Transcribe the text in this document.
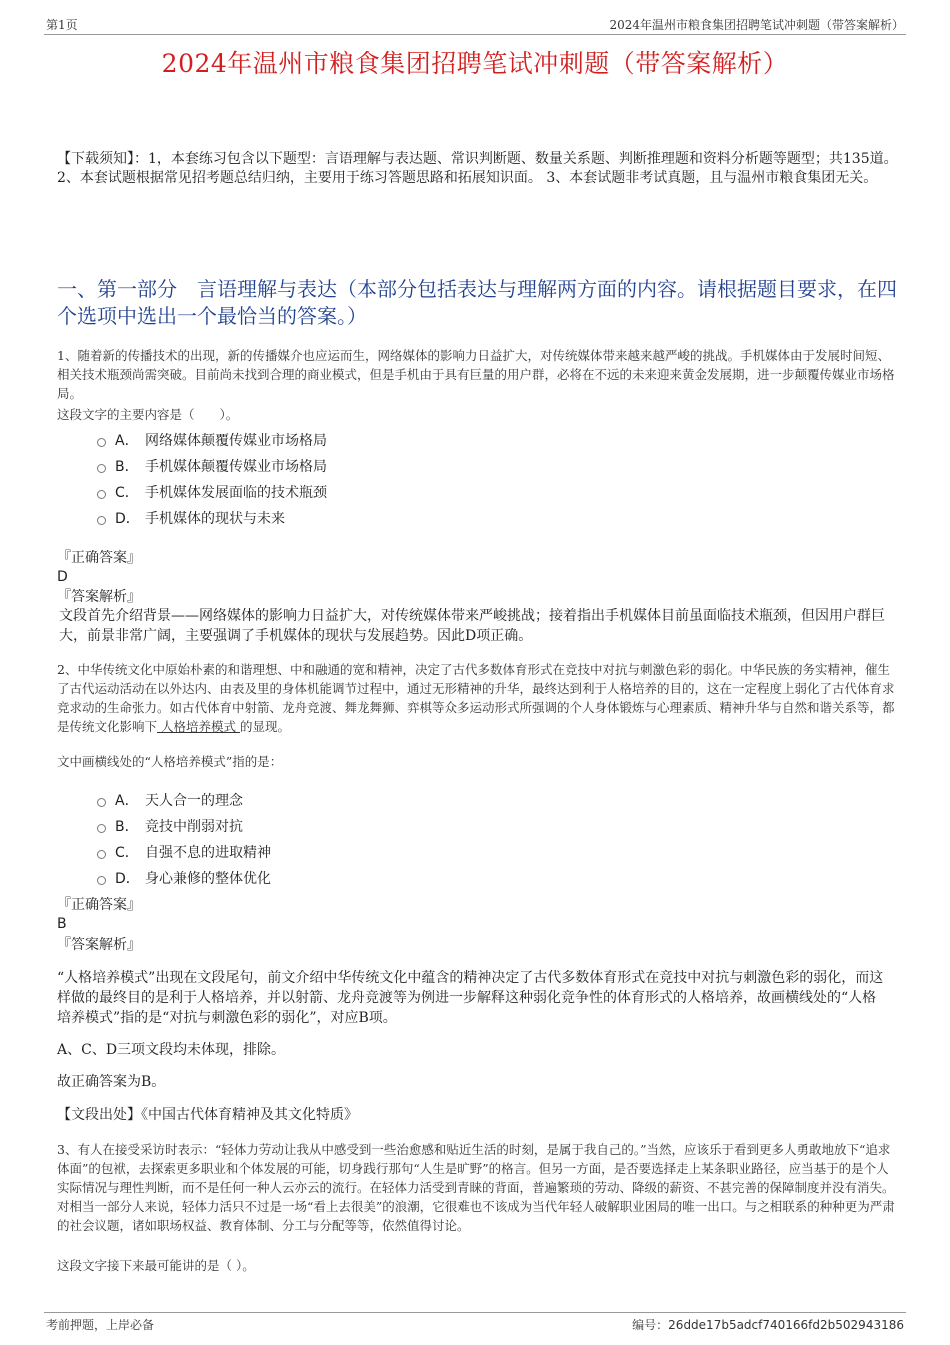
第1页	2024年温州市粮食集团招聘笔试冲刺题（带答案解析）
2024年温州市粮食集团招聘笔试冲刺题（带答案解析）
【下载须知】：1，本套练习包含以下题型：言语理解与表达题、常识判断题、数量关系题、判断推理题和资料分析题等题型；共135道。 2、本套试题根据常见招考题总结归纳，主要用于练习答题思路和拓展知识面。 3、本套试题非考试真题，且与温州市粮食集团无关。
一、第一部分　言语理解与表达（本部分包括表达与理解两方面的内容。请根据题目要求，在四个选项中选出一个最恰当的答案。）
1、随着新的传播技术的出现，新的传播媒介也应运而生，网络媒体的影响力日益扩大，对传统媒体带来越来越严峻的挑战。手机媒体由于发展时间短、相关技术瓶颈尚需突破。目前尚未找到合理的商业模式，但是手机由于具有巨量的用户群，必将在不远的未来迎来黄金发展期，进一步颠覆传媒业市场格局。
这段文字的主要内容是（　　）。
A． 网络媒体颠覆传媒业市场格局
B． 手机媒体颠覆传媒业市场格局
C． 手机媒体发展面临的技术瓶颈
D． 手机媒体的现状与未来
『正确答案』
D
『答案解析』
文段首先介绍背景——网络媒体的影响力日益扩大，对传统媒体带来严峻挑战；接着指出手机媒体目前虽面临技术瓶颈，但因用户群巨大，前景非常广阔，主要强调了手机媒体的现状与发展趋势。因此D项正确。
2、中华传统文化中原始朴素的和谐理想、中和融通的宽和精神，决定了古代多数体育形式在竞技中对抗与刺激色彩的弱化。中华民族的务实精神，催生了古代运动活动在以外达内、由表及里的身体机能调节过程中，通过无形精神的升华，最终达到利于人格培养的目的，这在一定程度上弱化了古代体育求竞求动的生命张力。如古代体育中射箭、龙舟竞渡、舞龙舞狮、弈棋等众多运动形式所强调的个人身体锻炼与心理素质、精神升华与自然和谐关系等，都是传统文化影响下 人格培养模式 的显现。
文中画横线处的“人格培养模式”指的是：
A． 天人合一的理念
B． 竞技中削弱对抗
C． 自强不息的进取精神
D． 身心兼修的整体优化
『正确答案』
B
『答案解析』
“人格培养模式”出现在文段尾句，前文介绍中华传统文化中蕴含的精神决定了古代多数体育形式在竞技中对抗与刺激色彩的弱化，而这样做的最终目的是利于人格培养，并以射箭、龙舟竞渡等为例进一步解释这种弱化竞争性的体育形式的人格培养，故画横线处的“人格培养模式”指的是“对抗与刺激色彩的弱化”，对应B项。
A、C、D三项文段均未体现，排除。
故正确答案为B。
【文段出处】《中国古代体育精神及其文化特质》
3、有人在接受采访时表示：“轻体力劳动让我从中感受到一些治愈感和贴近生活的时刻，是属于我自己的。”当然，应该乐于看到更多人勇敢地放下“追求体面”的包袱，去探索更多职业和个体发展的可能，切身践行那句“人生是旷野”的格言。但另一方面，是否要选择走上某条职业路径，应当基于的是个人实际情况与理性判断，而不是任何一种人云亦云的流行。在轻体力活受到青睐的背面，普遍繁琐的劳动、降级的薪资、不甚完善的保障制度并没有消失。对相当一部分人来说，轻体力活只不过是一场“看上去很美”的浪潮，它很难也不该成为当代年轻人破解职业困局的唯一出口。与之相联系的种种更为严肃的社会议题，诸如职场权益、教育体制、分工与分配等等，依然值得讨论。
这段文字接下来最可能讲的是（ ）。
考前押题，上岸必备	编号：26dde17b5adcf740166fd2b502943186
